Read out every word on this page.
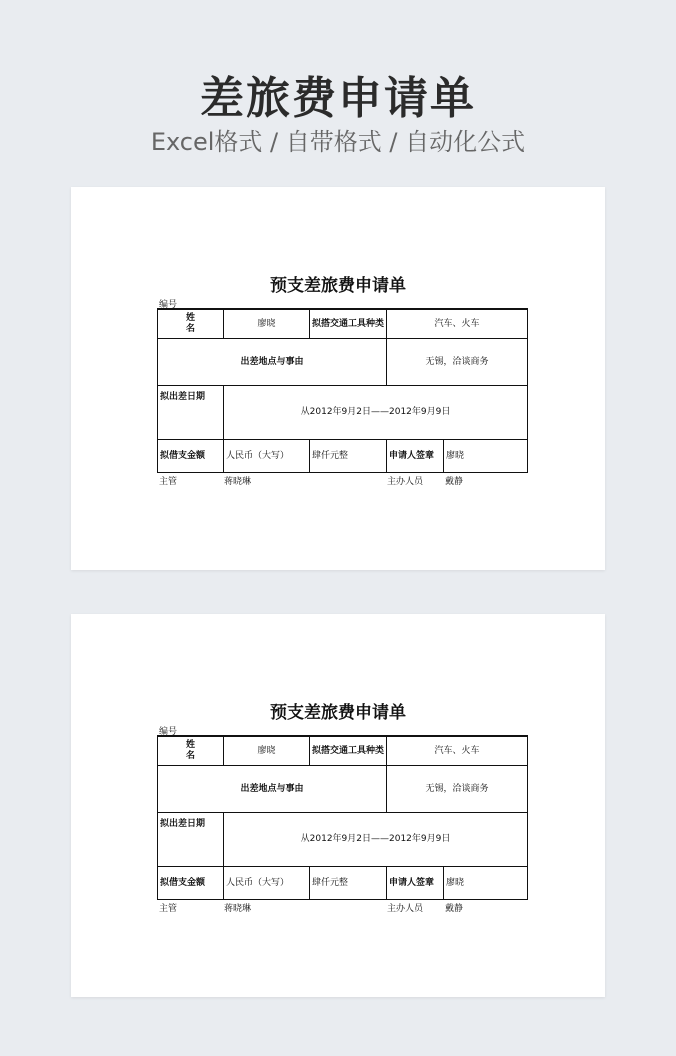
差旅费申请单
Excel格式 / 自带格式 / 自动化公式
预支差旅费申请单
编号
姓
名	廖晓	拟搭交通工具种类	汽车、火车	
出差地点与事由			无锡，洽谈商务	
拟出差日期	从2012年9月2日——2012年9月9日			
拟借支金额	人民币（大写）	肆仟元整	申请人签章	廖晓
主管	蒋晓琳	主办人员 戴静
预支差旅费申请单
编号
姓
名	廖晓	拟搭交通工具种类	汽车、火车	
出差地点与事由			无锡，洽谈商务	
拟出差日期	从2012年9月2日——2012年9月9日			
拟借支金额	人民币（大写）	肆仟元整	申请人签章	廖晓
主管	蒋晓琳	主办人员 戴静
